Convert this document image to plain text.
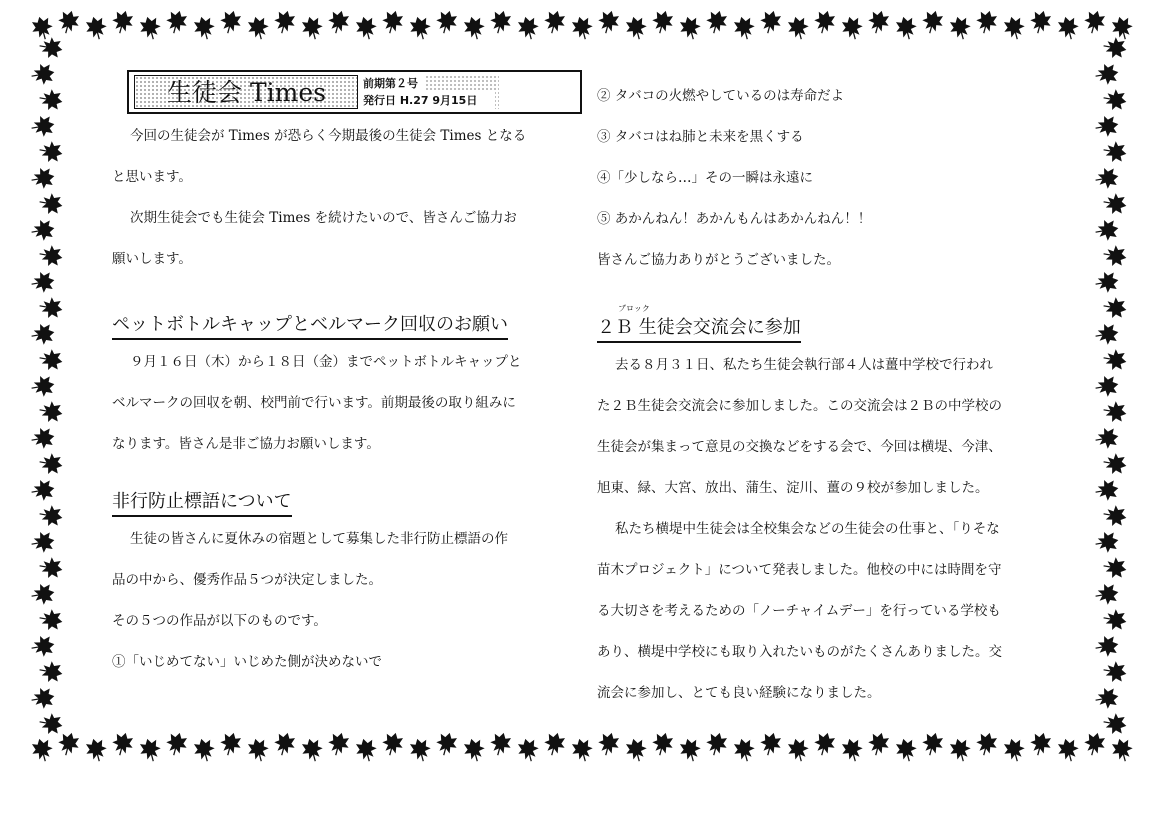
生徒会 Times	前期第２号
発行日 H.27 9月15日

今回の生徒会が Times が恐らく今期最後の生徒会 Times となる

と思います。

次期生徒会でも生徒会 Times を続けたいので、皆さんご協力お

願いします。

ペットボトルキャップとベルマーク回収のお願い

９月１６日（木）から１８日（金）までペットボトルキャップと

ベルマークの回収を朝、校門前で行います。前期最後の取り組みに

なります。皆さん是非ご協力お願いします。

非行防止標語について

生徒の皆さんに夏休みの宿題として募集した非行防止標語の作

品の中から、優秀作品５つが決定しました。

その５つの作品が以下のものです。

①「いじめてない」いじめた側が決めないで

② タバコの火燃やしているのは寿命だよ

③ タバコはね肺と未来を黒くする

④「少しなら…」その一瞬は永遠に

⑤ あかんねん！あかんもんはあかんねん！！

皆さんご協力ありがとうございました。

ブロック
２Ｂ 生徒会交流会に参加

去る８月３１日、私たち生徒会執行部４人は薑中学校で行われ

た２Ｂ生徒会交流会に参加しました。この交流会は２Ｂの中学校の

生徒会が集まって意見の交換などをする会で、今回は横堤、今津、

旭東、緑、大宮、放出、蒲生、淀川、薑の９校が参加しました。

私たち横堤中生徒会は全校集会などの生徒会の仕事と、「りそな

苗木プロジェクト」について発表しました。他校の中には時間を守

る大切さを考えるための「ノーチャイムデー」を行っている学校も

あり、横堤中学校にも取り入れたいものがたくさんありました。交

流会に参加し、とても良い経験になりました。
